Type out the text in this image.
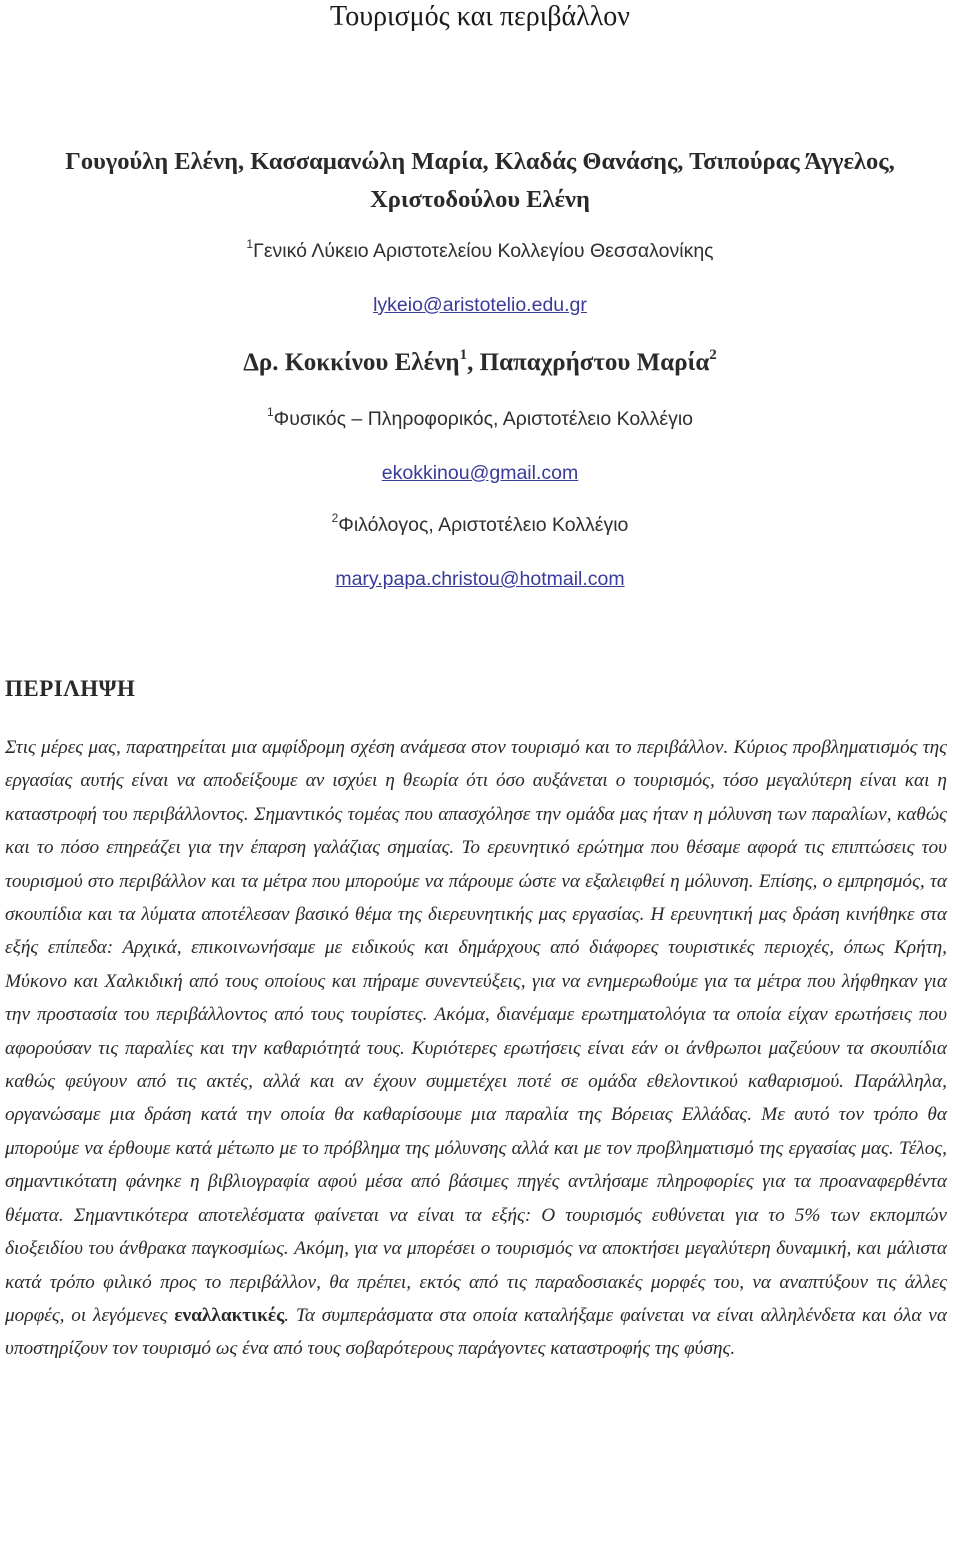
Τουρισμός και περιβάλλον
Γουγούλη Ελένη, Κασσαμανώλη Μαρία, Κλαδάς Θανάσης, Τσιπούρας Άγγελος,
Χριστοδούλου Ελένη
$^1$Γενικό Λύκειο Αριστοτελείου Κολλεγίου Θεσσαλονίκης
lykeio@aristotelio.edu.gr
Δρ. Κοκκίνου Ελένη$^1$, Παπαχρήστου Μαρία$^2$
$^1$Φυσικός – Πληροφορικός, Αριστοτέλειο Κολλέγιο
ekokkinou@gmail.com
$^2$Φιλόλογος, Αριστοτέλειο Κολλέγιο
mary.papa.christou@hotmail.com
ΠΕΡΙΛΗΨΗ
Στις μέρες μας, παρατηρείται μια αμφίδρομη σχέση ανάμεσα στον τουρισμό και το περιβάλλον. Κύριος προβληματισμός της εργασίας αυτής είναι να αποδείξουμε αν ισχύει η θεωρία ότι όσο αυξάνεται ο τουρισμός, τόσο μεγαλύτερη είναι και η καταστροφή του περιβάλλοντος. Σημαντικός τομέας που απασχόλησε την ομάδα μας ήταν η μόλυνση των παραλίων, καθώς και το πόσο επηρεάζει για την έπαρση γαλάζιας σημαίας. Το ερευνητικό ερώτημα που θέσαμε αφορά τις επιπτώσεις του τουρισμού στο περιβάλλον και τα μέτρα που μπορούμε να πάρουμε ώστε να εξαλειφθεί η μόλυνση. Επίσης, ο εμπρησμός, τα σκουπίδια και τα λύματα αποτέλεσαν βασικό θέμα της διερευνητικής μας εργασίας. Η ερευνητική μας δράση κινήθηκε στα εξής επίπεδα: Αρχικά, επικοινωνήσαμε με ειδικούς και δημάρχους από διάφορες τουριστικές περιοχές, όπως Κρήτη, Μύκονο και Χαλκιδική από τους οποίους και πήραμε συνεντεύξεις, για να ενημερωθούμε για τα μέτρα που λήφθηκαν για την προστασία του περιβάλλοντος από τους τουρίστες. Ακόμα, διανέμαμε ερωτηματολόγια τα οποία είχαν ερωτήσεις που αφορούσαν τις παραλίες και την καθαριότητά τους. Κυριότερες ερωτήσεις είναι εάν οι άνθρωποι μαζεύουν τα σκουπίδια καθώς φεύγουν από τις ακτές, αλλά και αν έχουν συμμετέχει ποτέ σε ομάδα εθελοντικού καθαρισμού. Παράλληλα, οργανώσαμε μια δράση κατά την οποία θα καθαρίσουμε μια παραλία της Βόρειας Ελλάδας. Με αυτό τον τρόπο θα μπορούμε να έρθουμε κατά μέτωπο με το πρόβλημα της μόλυνσης αλλά και με τον προβληματισμό της εργασίας μας. Τέλος, σημαντικότατη φάνηκε η βιβλιογραφία αφού μέσα από βάσιμες πηγές αντλήσαμε πληροφορίες για τα προαναφερθέντα θέματα. Σημαντικότερα αποτελέσματα φαίνεται να είναι τα εξής: Ο τουρισμός ευθύνεται για το 5% των εκπομπών διοξειδίου του άνθρακα παγκοσμίως. Ακόμη, για να μπορέσει ο τουρισμός να αποκτήσει μεγαλύτερη δυναμική, και μάλιστα κατά τρόπο φιλικό προς το περιβάλλον, θα πρέπει, εκτός από τις παραδοσιακές μορφές του, να αναπτύξουν τις άλλες μορφές, οι λεγόμενες εναλλακτικές. Τα συμπεράσματα στα οποία καταλήξαμε φαίνεται να είναι αλληλένδετα και όλα να υποστηρίζουν τον τουρισμό ως ένα από τους σοβαρότερους παράγοντες καταστροφής της φύσης.
